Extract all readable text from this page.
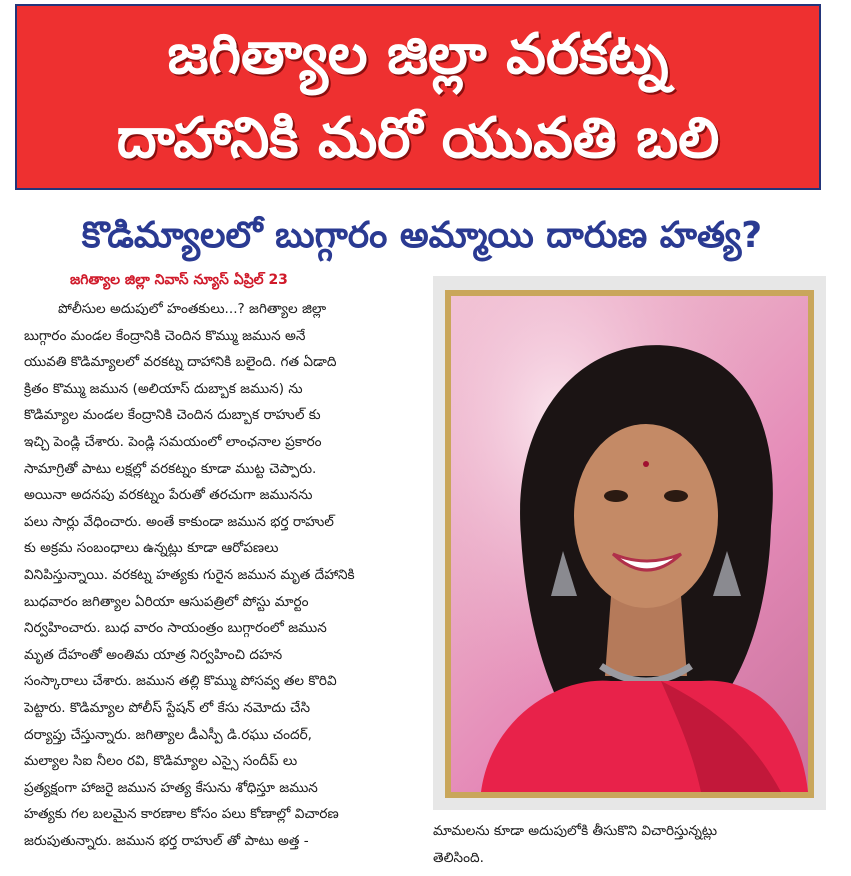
జగిత్యాల జిల్లా వరకట్న
దాహానికి మరో యువతి బలి
కొడిమ్యాలలో బుగ్గారం అమ్మాయి దారుణ హత్య?
జగిత్యాల జిల్లా నివాస్ న్యూస్ ఏప్రిల్ 23
పోలీసుల అదుపులో హంతకులు...? జగిత్యాల జిల్లా
బుగ్గారం మండల కేంద్రానికి చెందిన కొమ్ము జమున అనే
యువతి కొడిమ్యాలలో వరకట్న దాహానికి బలైంది. గత ఏడాది
క్రితం కొమ్ము జమున (అలియాస్ దుబ్బాక జమున) ను
కొడిమ్యాల మండల కేంద్రానికి చెందిన దుబ్బాక రాహుల్ కు
ఇచ్చి పెండ్లి చేశారు. పెండ్లి సమయంలో లాంఛనాల ప్రకారం
సామాగ్రితో పాటు లక్షల్లో వరకట్నం కూడా ముట్ట చెప్పారు.
అయినా అదనపు వరకట్నం పేరుతో తరచుగా జమునను
పలు సార్లు వేధించారు. అంతే కాకుండా జమున భర్త రాహుల్
కు అక్రమ సంబంధాలు ఉన్నట్లు కూడా ఆరోపణలు
వినిపిస్తున్నాయి. వరకట్న హత్యకు గురైన జమున మృత దేహానికి
బుధవారం జగిత్యాల ఏరియా ఆసుపత్రిలో పోస్టు మార్టం
నిర్వహించారు. బుధ వారం సాయంత్రం బుగ్గారంలో జమున
మృత దేహంతో అంతిమ యాత్ర నిర్వహించి దహన
సంస్కారాలు చేశారు. జమున తల్లి కొమ్ము పోసవ్వ తల కొరివి
పెట్టారు. కొడిమ్యాల పోలీస్ స్టేషన్ లో కేసు నమోదు చేసి
దర్యాప్తు చేస్తున్నారు. జగిత్యాల డీఎస్పీ డి.రఘు చందర్,
మల్యాల సిఐ నీలం రవి, కొడిమ్యాల ఎస్సై సందీప్ లు
ప్రత్యక్షంగా హాజరై జమున హత్య కేసును శోధిస్తూ జమున
హత్యకు గల బలమైన కారణాల కోసం పలు కోణాల్లో విచారణ
జరుపుతున్నారు. జమున భర్త రాహుల్ తో పాటు అత్త -
మామలను కూడా అదుపులోకి తీసుకొని విచారిస్తున్నట్లు
తెలిసింది.
